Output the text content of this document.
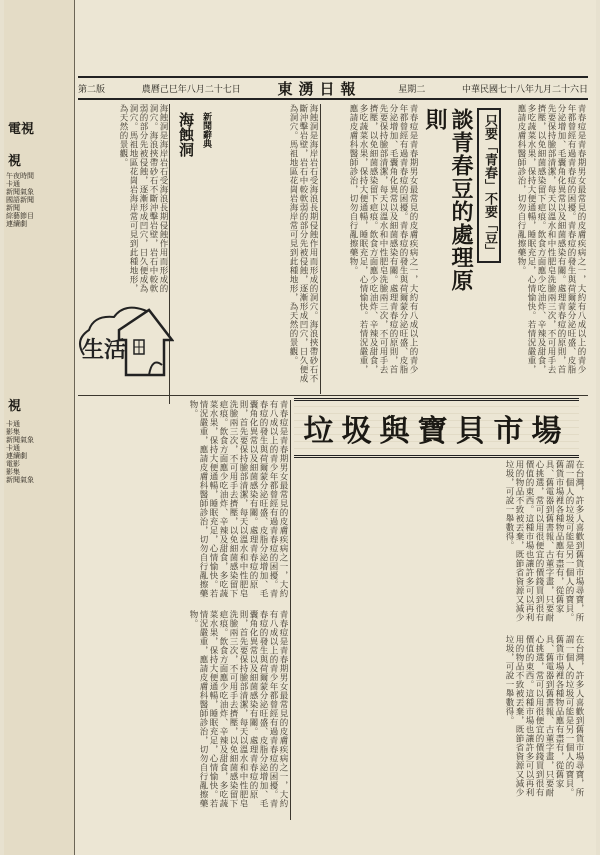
電視
視
午夜時間
卡通
新聞氣象
國語新聞
新聞
綜藝節目
連續劇
視
卡通
影集
新聞氣象
卡通
連續劇
電影
影集
新聞氣象
第二版	農曆己巳年八月二十七日 東湧日報	星期二	中華民國七十八年九月二十六日
只要「青春」不要「豆」
談青春豆的處理原則
青春痘是青春期男女最常見的皮膚疾病之一，大約有八成以上的青少年都曾經有過青春痘的困擾。青春痘的發生與荷爾蒙分泌旺盛、皮脂分泌增加、毛囊角化異常以及細菌感染有關。處理青春痘的原則，首先要保持臉部清潔，每天以溫水和中性肥皂洗臉兩三次，不可用手去擠壓，以免細菌感染留下疤痕。飲食方面應少吃油炸、辛辣及甜食，多吃蔬菜水果，保持大便通暢，睡眠充足，心情愉快。若情況嚴重，應請皮膚科醫師診治，切勿自行亂擦藥物。	青春痘是青春期男女最常見的皮膚疾病之一，大約有八成以上的青少年都曾經有過青春痘的困擾。青春痘的發生與荷爾蒙分泌旺盛、皮脂分泌增加、毛囊角化異常以及細菌感染有關。處理青春痘的原則，首先要保持臉部清潔，每天以溫水和中性肥皂洗臉兩三次，不可用手去擠壓，以免細菌感染留下疤痕。飲食方面應少吃油炸、辛辣及甜食，多吃蔬菜水果，保持大便通暢，睡眠充足，心情愉快。若情況嚴重，應請皮膚科醫師診治，切勿自行亂擦藥物。
新聞辭典
海蝕洞	海蝕洞是海岸岩石受海浪長期侵蝕作用而形成的洞穴。海浪挾帶砂石不斷沖擊岩壁，岩石中較軟弱的部分先被侵蝕，逐漸形成凹穴，日久便成為洞穴。馬祖地區花崗岩海岸常可見到此種地形，為天然的景觀。
海蝕洞是海岸岩石受海浪長期侵蝕作用而形成的洞穴。海浪挾帶砂石不斷沖擊岩壁，岩石中較軟弱的部分先被侵蝕，逐漸形成凹穴，日久便成為洞穴。馬祖地區花崗岩海岸常可見到此種地形，為天然的景觀。
生活
垃圾與寶貝市場
在台灣，許多人喜歡到舊貨市場尋寶，所謂一個人的垃圾可能是另一個人的寶貝。舊貨市場裡各種物品應有盡有，從舊家具、舊電器到舊書報、古董字畫，只要耐心挑選，常可以用很便宜的價錢買到很有價值的東西。這種市場也讓許多可以再利用的物品不致被丟棄，既節省資源又減少垃圾，可說一舉數得。
在台灣，許多人喜歡到舊貨市場尋寶，所謂一個人的垃圾可能是另一個人的寶貝。舊貨市場裡各種物品應有盡有，從舊家具、舊電器到舊書報、古董字畫，只要耐心挑選，常可以用很便宜的價錢買到很有價值的東西。這種市場也讓許多可以再利用的物品不致被丟棄，既節省資源又減少垃圾，可說一舉數得。
青春痘是青春期男女最常見的皮膚疾病之一，大約有八成以上的青少年都曾經有過青春痘的困擾。青春痘的發生與荷爾蒙分泌旺盛、皮脂分泌增加、毛囊角化異常以及細菌感染有關。處理青春痘的原則，首先要保持臉部清潔，每天以溫水和中性肥皂洗臉兩三次，不可用手去擠壓，以免細菌感染留下疤痕。飲食方面應少吃油炸、辛辣及甜食，多吃蔬菜水果，保持大便通暢，睡眠充足，心情愉快。若情況嚴重，應請皮膚科醫師診治，切勿自行亂擦藥物。
青春痘是青春期男女最常見的皮膚疾病之一，大約有八成以上的青少年都曾經有過青春痘的困擾。青春痘的發生與荷爾蒙分泌旺盛、皮脂分泌增加、毛囊角化異常以及細菌感染有關。處理青春痘的原則，首先要保持臉部清潔，每天以溫水和中性肥皂洗臉兩三次，不可用手去擠壓，以免細菌感染留下疤痕。飲食方面應少吃油炸、辛辣及甜食，多吃蔬菜水果，保持大便通暢，睡眠充足，心情愉快。若情況嚴重，應請皮膚科醫師診治，切勿自行亂擦藥物。
